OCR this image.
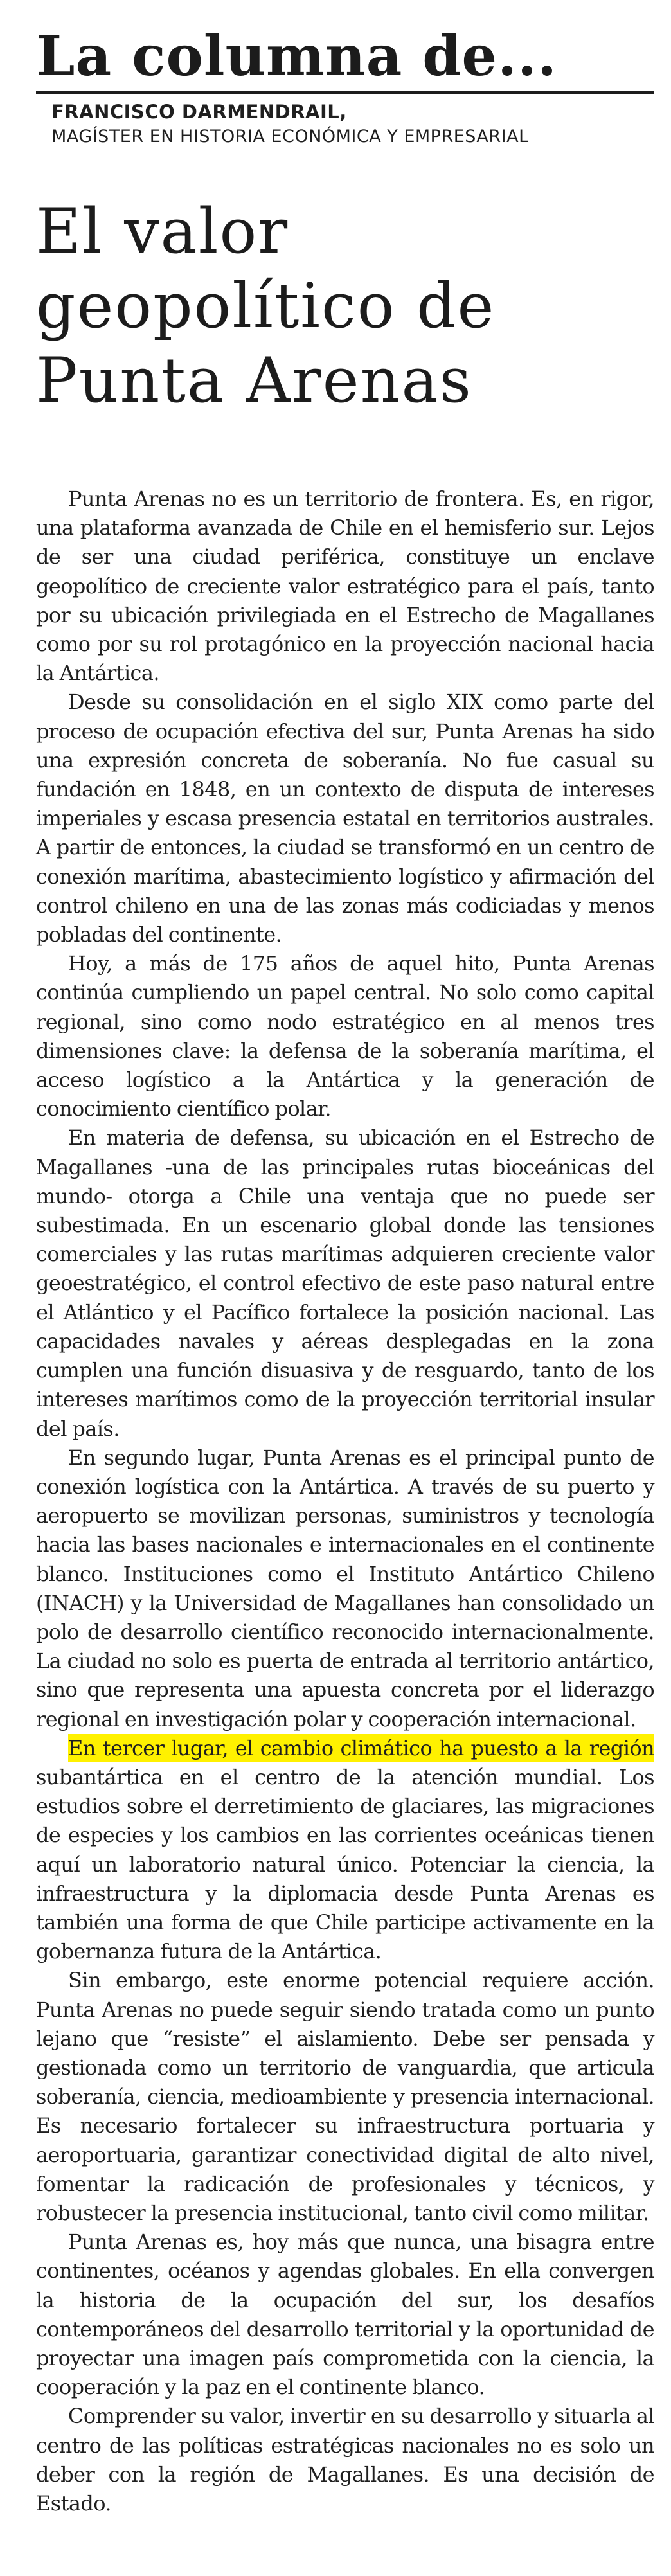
La columna de...
FRANCISCO DARMENDRAIL,
MAGÍSTER EN HISTORIA ECONÓMICA Y EMPRESARIAL
El valor geopolítico de Punta Arenas

Punta Arenas no es un territorio de frontera. Es, en rigor, una plataforma avanzada de Chile en el hemisferio sur. Lejos de ser una ciudad periférica, constituye un enclave geopolítico de creciente valor estratégico para el país, tanto por su ubicación privilegiada en el Estrecho de Magallanes como por su rol protagónico en la proyección nacional hacia la Antártica.

Desde su consolidación en el siglo XIX como parte del proceso de ocupación efectiva del sur, Punta Arenas ha sido una expresión concreta de soberanía. No fue casual su fundación en 1848, en un contexto de disputa de intereses imperiales y escasa presencia estatal en territorios australes. A partir de entonces, la ciudad se transformó en un centro de conexión marítima, abastecimiento logístico y afirmación del control chileno en una de las zonas más codiciadas y menos pobladas del continente.

Hoy, a más de 175 años de aquel hito, Punta Arenas continúa cumpliendo un papel central. No solo como capital regional, sino como nodo estratégico en al menos tres dimensiones clave: la defensa de la soberanía marítima, el acceso logístico a la Antártica y la generación de conocimiento científico polar.

En materia de defensa, su ubicación en el Estrecho de Magallanes -una de las principales rutas bioceánicas del mundo- otorga a Chile una ventaja que no puede ser subestimada. En un escenario global donde las tensiones comerciales y las rutas marítimas adquieren creciente valor geoestratégico, el control efectivo de este paso natural entre el Atlántico y el Pacífico fortalece la posición nacional. Las capacidades navales y aéreas desplegadas en la zona cumplen una función disuasiva y de resguardo, tanto de los intereses marítimos como de la proyección territorial insular del país.

En segundo lugar, Punta Arenas es el principal punto de conexión logística con la Antártica. A través de su puerto y aeropuerto se movilizan personas, suministros y tecnología hacia las bases nacionales e internacionales en el continente blanco. Instituciones como el Instituto Antártico Chileno (INACH) y la Universidad de Magallanes han consolidado un polo de desarrollo científico reconocido internacionalmente. La ciudad no solo es puerta de entrada al territorio antártico, sino que representa una apuesta concreta por el liderazgo regional en investigación polar y cooperación internacional.

En tercer lugar, el cambio climático ha puesto a la región subantártica en el centro de la atención mundial. Los estudios sobre el derretimiento de glaciares, las migraciones de especies y los cambios en las corrientes oceánicas tienen aquí un laboratorio natural único. Potenciar la ciencia, la infraestructura y la diplomacia desde Punta Arenas es también una forma de que Chile participe activamente en la gobernanza futura de la Antártica.

Sin embargo, este enorme potencial requiere acción. Punta Arenas no puede seguir siendo tratada como un punto lejano que “resiste” el aislamiento. Debe ser pensada y gestionada como un territorio de vanguardia, que articula soberanía, ciencia, medioambiente y presencia internacional. Es necesario fortalecer su infraestructura portuaria y aeroportuaria, garantizar conectividad digital de alto nivel, fomentar la radicación de profesionales y técnicos, y robustecer la presencia institucional, tanto civil como militar.

Punta Arenas es, hoy más que nunca, una bisagra entre continentes, océanos y agendas globales. En ella convergen la historia de la ocupación del sur, los desafíos contemporáneos del desarrollo territorial y la oportunidad de proyectar una imagen país comprometida con la ciencia, la cooperación y la paz en el continente blanco.

Comprender su valor, invertir en su desarrollo y situarla al centro de las políticas estratégicas nacionales no es solo un deber con la región de Magallanes. Es una decisión de Estado.
